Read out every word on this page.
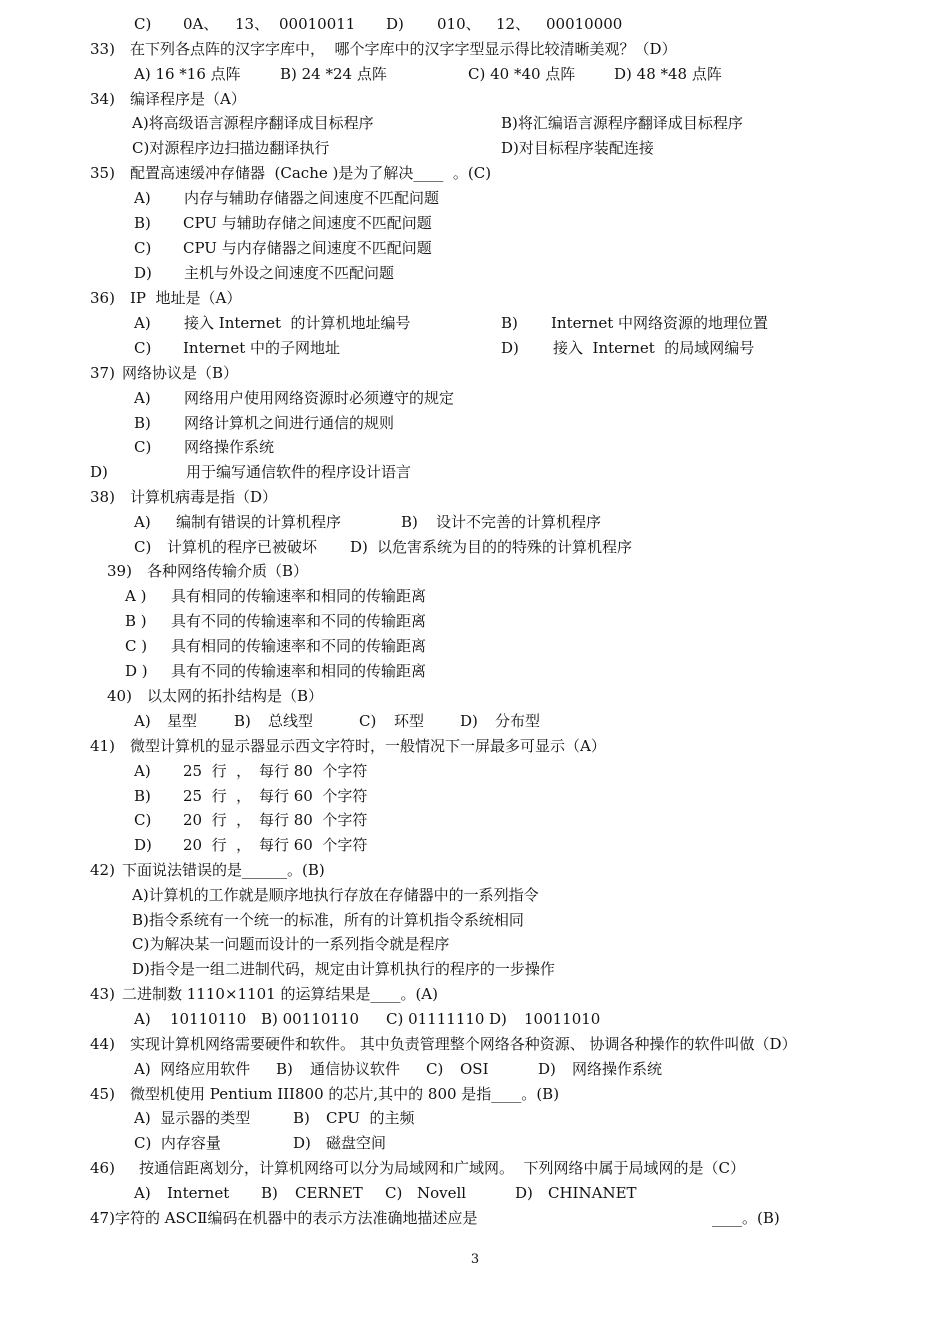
C) 0A、 13、 00010011 D) 010、 12、 00010000
33) 在下列各点阵的汉字字库中，  哪个字库中的汉字字型显示得比较清晰美观？（D）
A) 16 *16 点阵	B) 24 *24 点阵	C) 40 *40 点阵	D) 48 *48 点阵
34) 编译程序是（A）
A)将高级语言源程序翻译成目标程序	B)将汇编语言源程序翻译成目标程序
C)对源程序边扫描边翻译执行	D)对目标程序装配连接
35) 配置高速缓冲存储器  (Cache )是为了解决____  。(C)
A) 内存与辅助存储器之间速度不匹配问题
B) CPU 与辅助存储之间速度不匹配问题
C) CPU 与内存储器之间速度不匹配问题
D) 主机与外设之间速度不匹配问题
36) IP  地址是（A）
A) 接入 Internet  的计算机地址编号	B) Internet 中网络资源的地理位置
C) Internet 中的子网地址	D) 接入  Internet  的局域网编号
37) 网络协议是（B）
A) 网络用户使用网络资源时必须遵守的规定
B) 网络计算机之间进行通信的规则
C) 网络操作系统
D)	用于编写通信软件的程序设计语言
38) 计算机病毒是指（D）
A) 编制有错误的计算机程序	B) 设计不完善的计算机程序
C) 计算机的程序已被破坏 D) 以危害系统为目的的特殊的计算机程序
39) 各种网络传输介质（B）
A ) 具有相同的传输速率和相同的传输距离
B ) 具有不同的传输速率和不同的传输距离
C ) 具有相同的传输速率和不同的传输距离
D ) 具有不同的传输速率和相同的传输距离
40) 以太网的拓扑结构是（B）
A) 星型 B) 总线型	C) 环型 D) 分布型
41) 微型计算机的显示器显示西文字符时，一般情况下一屏最多可显示（A）
A) 25  行  ， 每行 80  个字符
B) 25  行  ， 每行 60  个字符
C) 20  行  ， 每行 80  个字符
D) 20  行  ， 每行 60  个字符
42) 下面说法错误的是______。(B)
A)计算机的工作就是顺序地执行存放在存储器中的一系列指令
B)指令系统有一个统一的标准，所有的计算机指令系统相同
C)为解决某一问题而设计的一系列指令就是程序
D)指令是一组二进制代码，规定由计算机执行的程序的一步操作
43) 二进制数 1110×1101 的运算结果是____。(A)
A) 10110110 B) 00110110 C) 01111110 D) 10011010
44) 实现计算机网络需要硬件和软件。 其中负责管理整个网络各种资源、 协调各种操作的软件叫做（D）
A)  网络应用软件 B) 通信协议软件 C) OSI	D) 网络操作系统
45) 微型机使用 Pentium III800 的芯片,其中的 800 是指____。(B)
A)  显示器的类型	B) CPU  的主频
C)  内存容量	D) 磁盘空间
46) 按通信距离划分，计算机网络可以分为局域网和广域网。  下列网络中属于局域网的是（C）
A) Internet B) CERNET C) Novell	D) CHINANET
47)字符的 ASCⅡ编码在机器中的表示方法准确地描述应是	____。(B)
3
